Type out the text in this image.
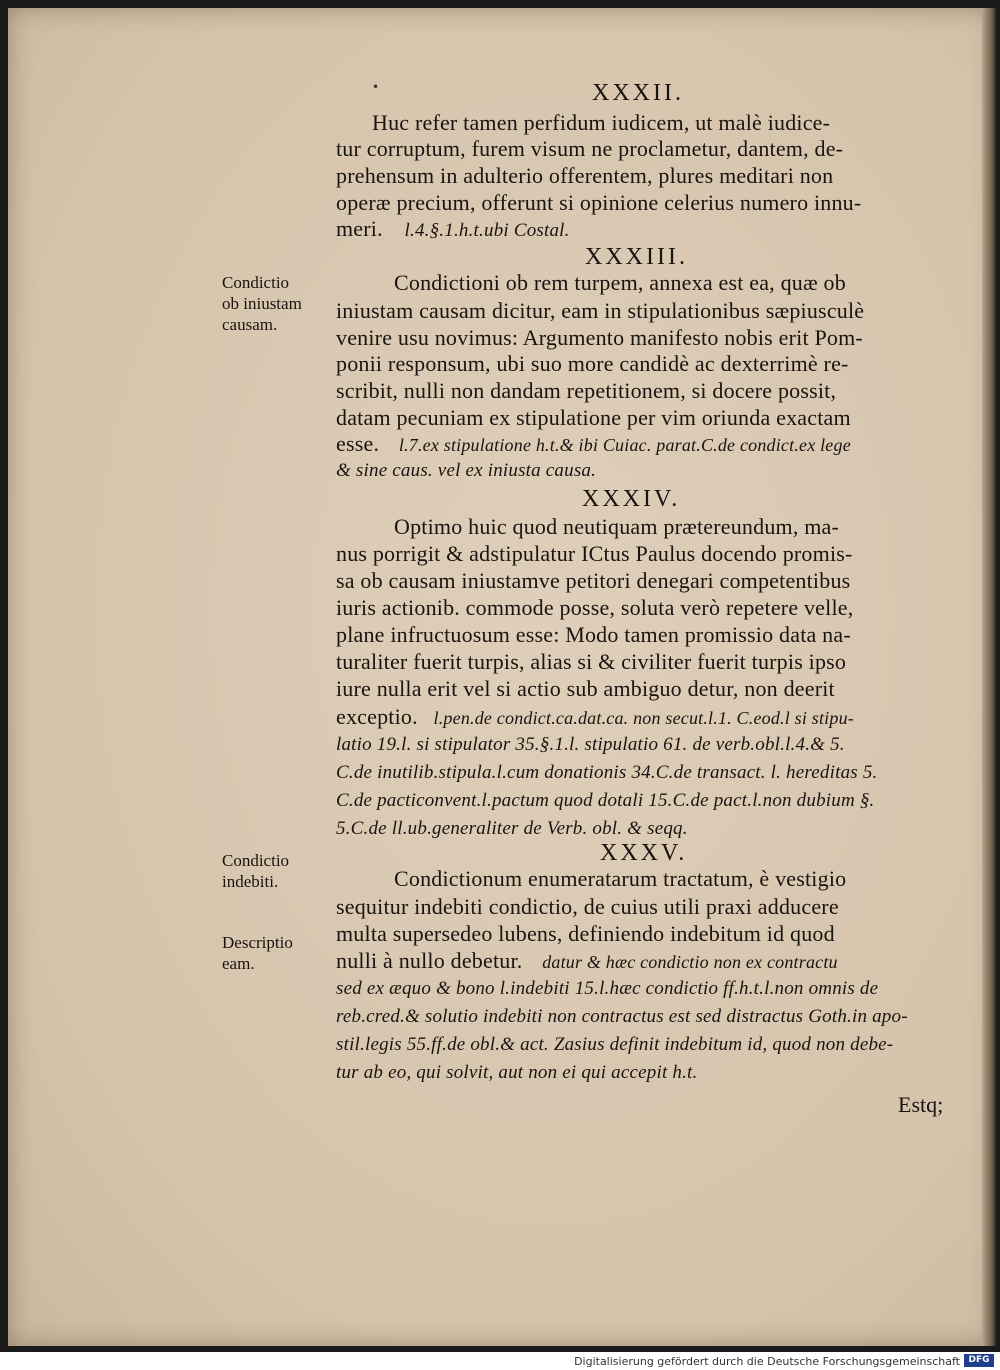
•	XXXII.
Huc refer tamen perfidum iudicem, ut malè iudice-
tur corruptum, furem visum ne proclametur, dantem, de-
prehensum in adulterio offerentem, plures meditari non
operæ precium, offerunt si opinione celerius numero innu-
meri. l.4.§.1.h.t.ubi Costal.
XXXIII.
Condictio
ob iniustam
causam.
Condictioni ob rem turpem, annexa est ea, quæ ob
iniustam causam dicitur, eam in stipulationibus sæpiusculè
venire usu novimus: Argumento manifesto nobis erit Pom-
ponii responsum, ubi suo more candidè ac dexterrimè re-
scribit, nulli non dandam repetitionem, si docere possit,
datam pecuniam ex stipulatione per vim oriunda exactam
esse. l.7.ex stipulatione h.t.& ibi Cuiac. parat.C.de condict.ex lege
& sine caus. vel ex iniusta causa.
XXXIV.
Optimo huic quod neutiquam prætereundum, ma-
nus porrigit & adstipulatur ICtus Paulus docendo promis-
sa ob causam iniustamve petitori denegari competentibus
iuris actionib. commode posse, soluta verò repetere velle,
plane infructuosum esse: Modo tamen promissio data na-
turaliter fuerit turpis, alias si & civiliter fuerit turpis ipso
iure nulla erit vel si actio sub ambiguo detur, non deerit
exceptio. l.pen.de condict.ca.dat.ca. non secut.l.1. C.eod.l si stipu-
latio 19.l. si stipulator 35.§.1.l. stipulatio 61. de verb.obl.l.4.& 5.
C.de inutilib.stipula.l.cum donationis 34.C.de transact. l. hereditas 5.
C.de pacticonvent.l.pactum quod dotali 15.C.de pact.l.non dubium §.
5.C.de ll.ub.generaliter de Verb. obl. & seqq.
XXXV.
Condictio
indebiti.
Descriptio
eam.
Condictionum enumeratarum tractatum, è vestigio
sequitur indebiti condictio, de cuius utili praxi adducere
multa supersedeo lubens, definiendo indebitum id quod
nulli à nullo debetur. datur & hæc condictio non ex contractu
sed ex æquo & bono l.indebiti 15.l.hæc condictio ff.h.t.l.non omnis de
reb.cred.& solutio indebiti non contractus est sed distractus Goth.in apo-
stil.legis 55.ff.de obl.& act. Zasius definit indebitum id, quod non debe-
tur ab eo, qui solvit, aut non ei qui accepit h.t.
Estq;
Digitalisierung gefördert durch die Deutsche Forschungsgemeinschaft DFG
